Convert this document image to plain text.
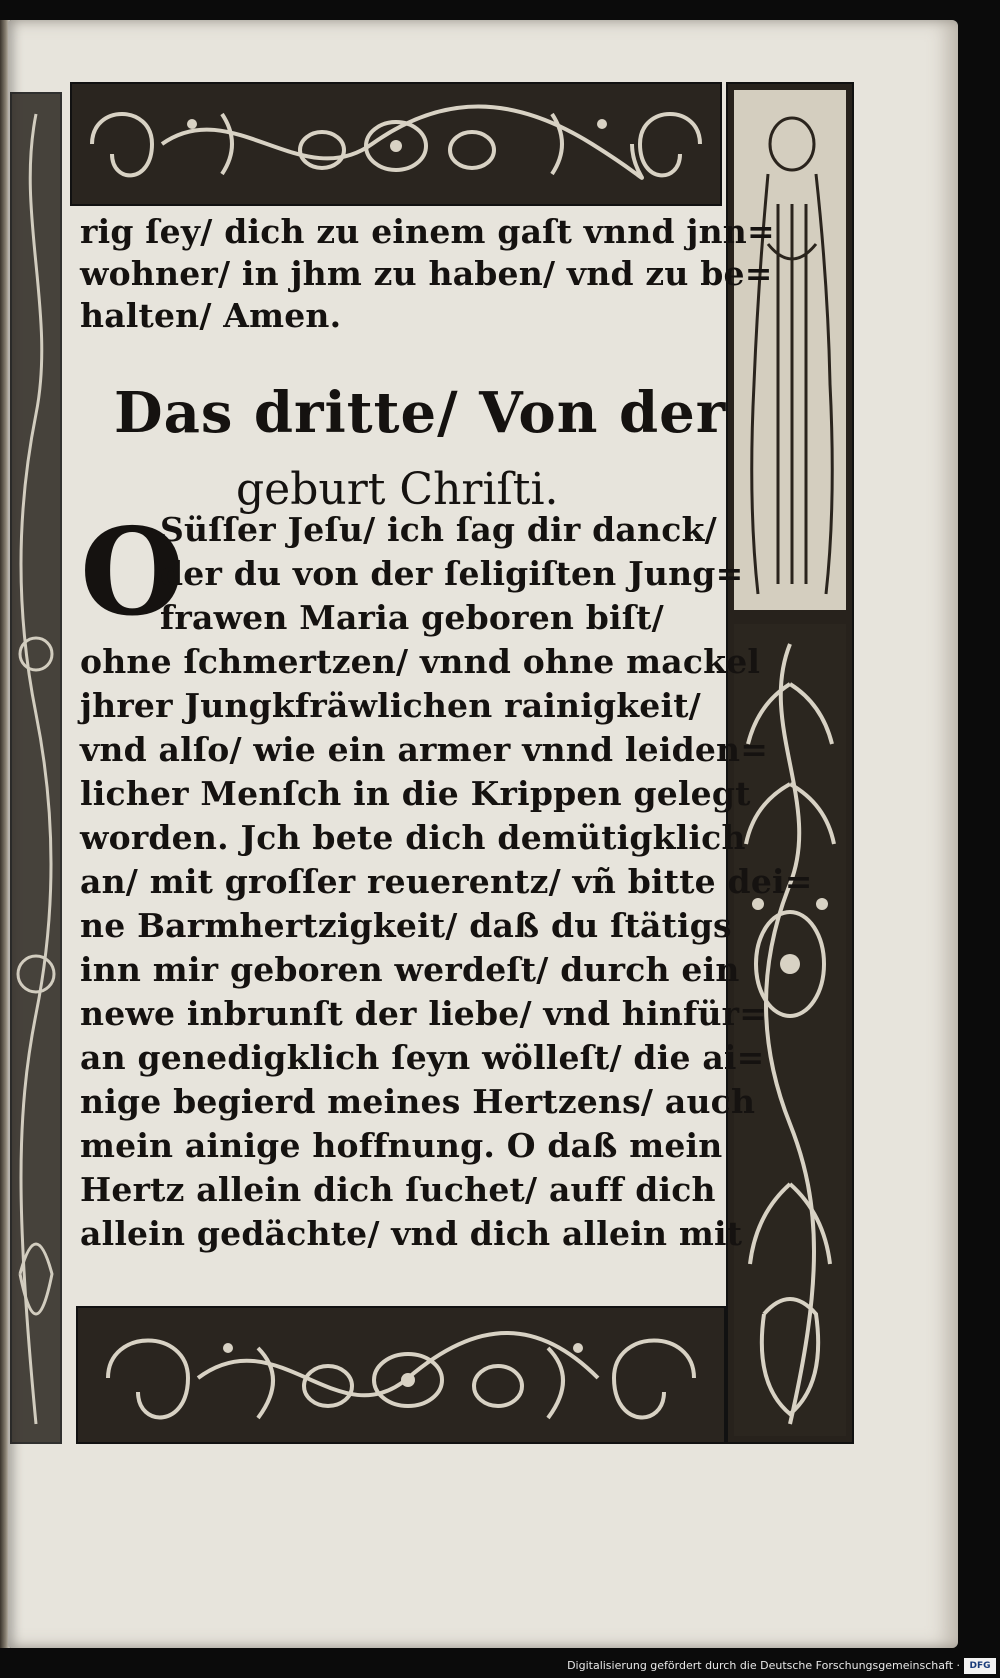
rig ſey/ dich zu einem gaſt vnnd jnn=
wohner/ in jhm zu haben/ vnd zu be=
halten/ Amen.
Das dritte/ Von der
geburt Chriſti.
O
Süſſer Jeſu/ ich ſag dir danck/
der du von der ſeligiſten Jung=
frawen Maria geboren biſt/
ohne ſchmertzen/ vnnd ohne mackel
jhrer Jungkfräwlichen rainigkeit/
vnd alſo/ wie ein armer vnnd leiden=
licher Menſch in die Krippen gelegt
worden. Jch bete dich demütigklich
an/ mit groſſer reuerentz/ vñ bitte dei=
ne Barmhertzigkeit/ daß du ſtätigs
inn mir geboren werdeſt/ durch ein
newe inbrunſt der liebe/ vnd hinfür=
an genedigklich ſeyn wölleſt/ die ai=
nige begierd meines Hertzens/ auch
mein ainige hoffnung. O daß mein
Hertz allein dich ſuchet/ auff dich
allein gedächte/ vnd dich allein mit
Digitalisierung gefördert durch die Deutsche Forschungsgemeinschaft ·	DFG
